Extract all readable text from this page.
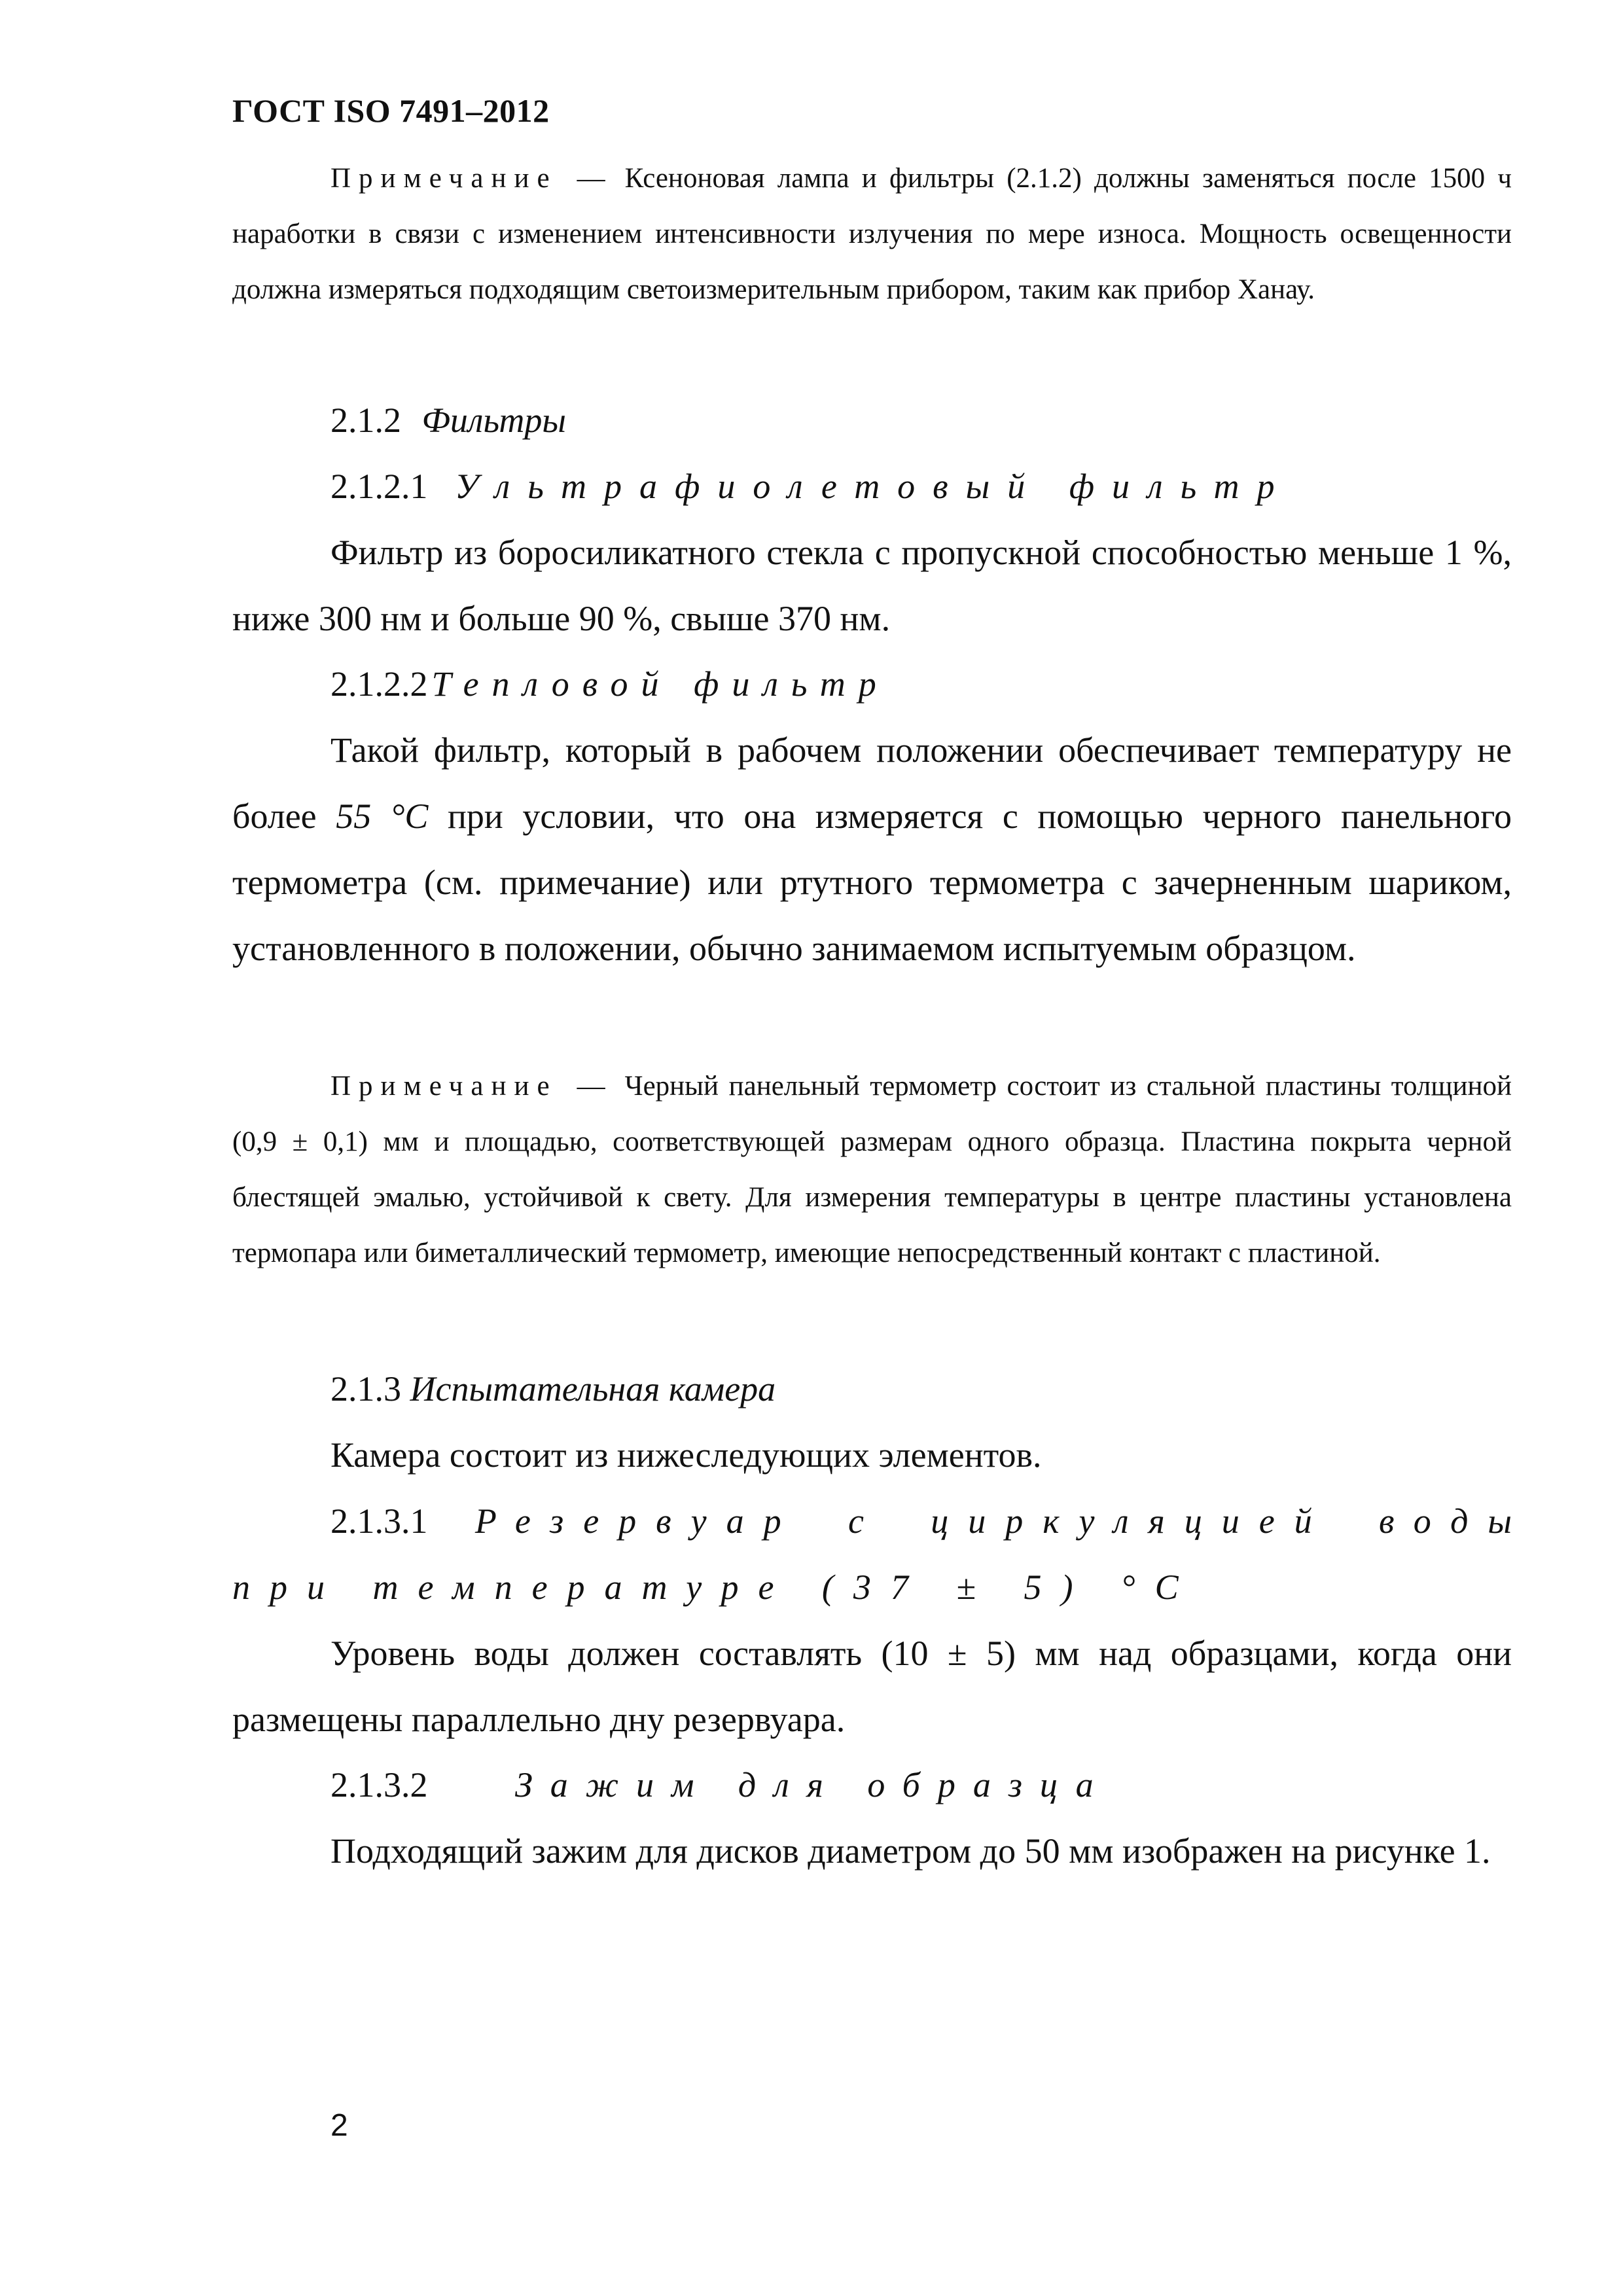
ГОСТ ISO 7491–2012

Примечание — Ксеноновая лампа и фильтры (2.1.2) должны заменяться после 1500 ч наработки в связи с изменением интенсивности излучения по мере износа. Мощность освещенности должна измеряться подходящим светоизмерительным прибором, таким как прибор Ханау.

2.1.2 Фильтры
2.1.2.1 Ультрафиолетовый фильтр

Фильтр из боросиликатного стекла с пропускной способностью меньше 1 %, ниже 300 нм и больше 90 %, свыше 370 нм.

2.1.2.2 Тепловой фильтр

Такой фильтр, который в рабочем положении обеспечивает температуру не более 55 °С при условии, что она измеряется с помощью черного панельного термометра (см. примечание) или ртутного термометра с зачерненным шариком, установленного в положении, обычно занимаемом испытуемым образцом.

Примечание — Черный панельный термометр состоит из стальной пластины толщиной (0,9 ± 0,1) мм и площадью, соответствующей размерам одного образца. Пластина покрыта черной блестящей эмалью, устойчивой к свету. Для измерения температуры в центре пластины установлена термопара или биметаллический термометр, имеющие непосредственный контакт с пластиной.

2.1.3 Испытательная камера

Камера состоит из нижеследующих элементов.

2.1.3.1 Резервуар с циркуляцией воды
при температуре (37 ± 5) °С

Уровень воды должен составлять (10 ± 5) мм над образцами, когда они размещены параллельно дну резервуара.

2.1.3.2 Зажим для образца

Подходящий зажим для дисков диаметром до 50 мм изображен на рисунке 1.

2
